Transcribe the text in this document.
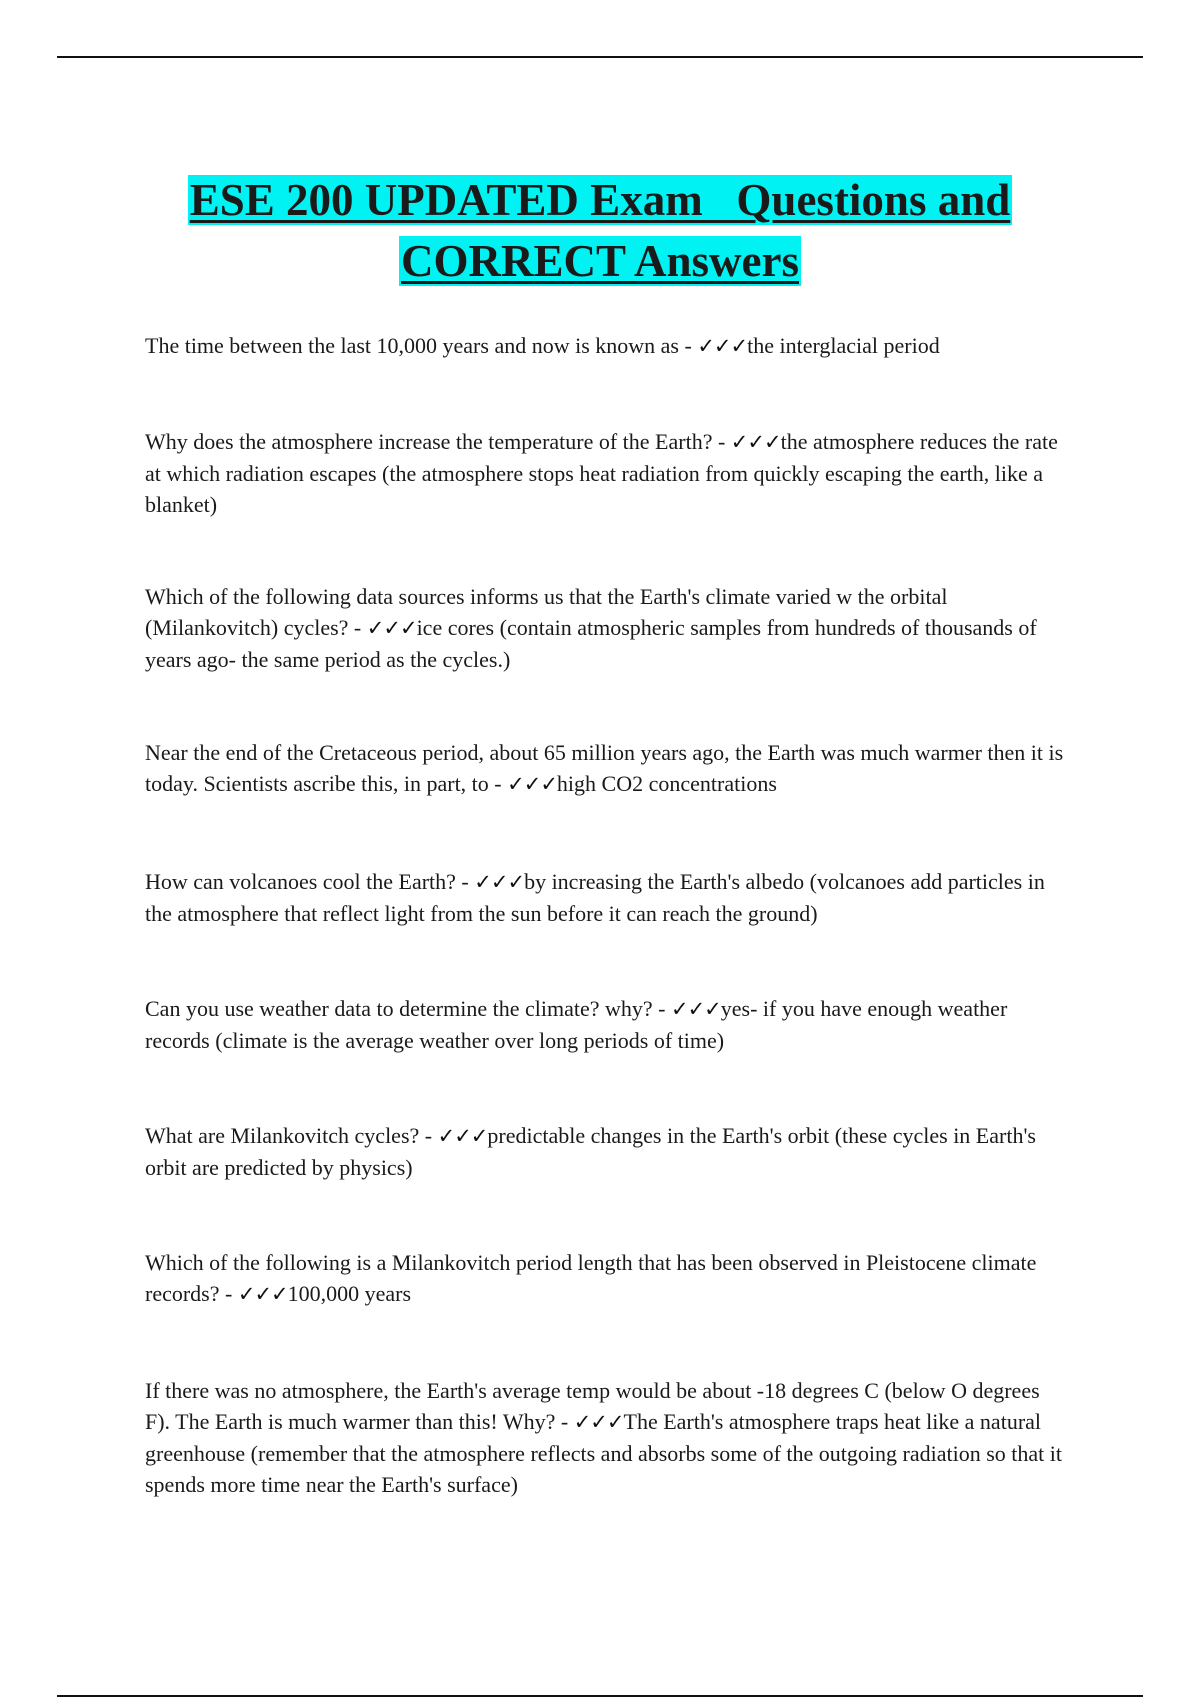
ESE 200 UPDATED Exam   Questions and
CORRECT Answers

The time between the last 10,000 years and now is known as - ✓✓✓the interglacial period

Why does the atmosphere increase the temperature of the Earth? - ✓✓✓the atmosphere reduces the rate at which radiation escapes (the atmosphere stops heat radiation from quickly escaping the earth, like a blanket)

Which of the following data sources informs us that the Earth's climate varied w the orbital (Milankovitch) cycles? - ✓✓✓ice cores (contain atmospheric samples from hundreds of thousands of years ago- the same period as the cycles.)

Near the end of the Cretaceous period, about 65 million years ago, the Earth was much warmer then it is today. Scientists ascribe this, in part, to - ✓✓✓high CO2 concentrations

How can volcanoes cool the Earth? - ✓✓✓by increasing the Earth's albedo (volcanoes add particles in the atmosphere that reflect light from the sun before it can reach the ground)

Can you use weather data to determine the climate? why? - ✓✓✓yes- if you have enough weather records (climate is the average weather over long periods of time)

What are Milankovitch cycles? - ✓✓✓predictable changes in the Earth's orbit (these cycles in Earth's orbit are predicted by physics)

Which of the following is a Milankovitch period length that has been observed in Pleistocene climate records? - ✓✓✓100,000 years

If there was no atmosphere, the Earth's average temp would be about -18 degrees C (below O degrees F). The Earth is much warmer than this! Why? - ✓✓✓The Earth's atmosphere traps heat like a natural greenhouse (remember that the atmosphere reflects and absorbs some of the outgoing radiation so that it spends more time near the Earth's surface)
